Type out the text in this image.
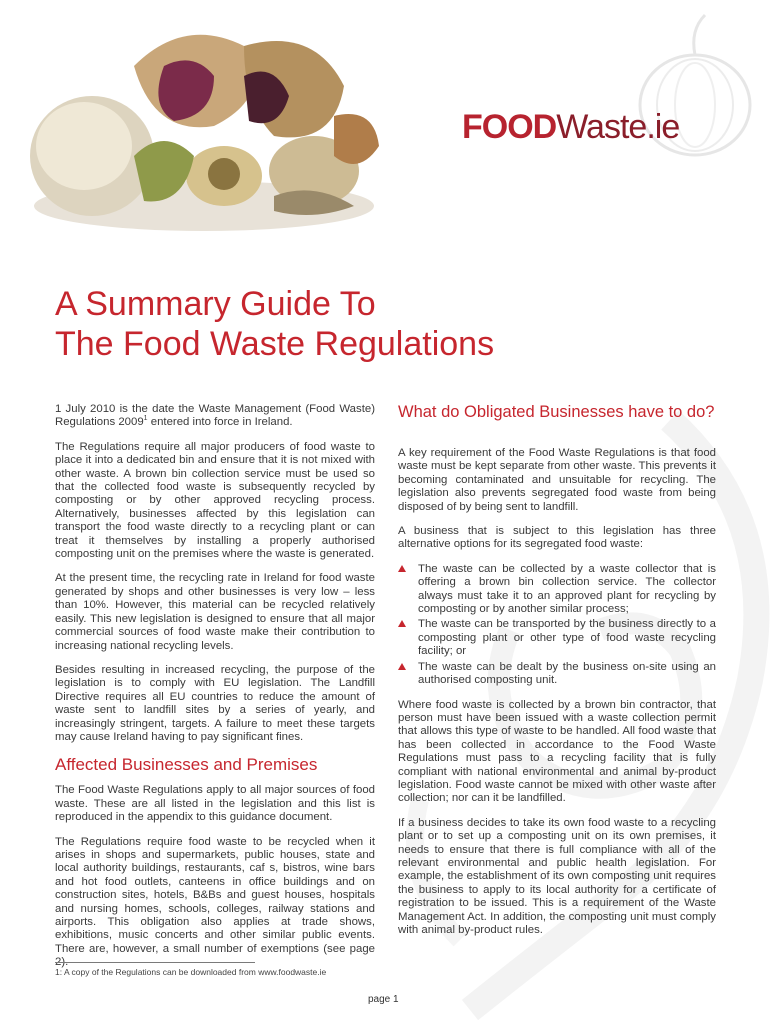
FOODWaste.ie
A Summary Guide To
The Food Waste Regulations

1 July 2010 is the date the Waste Management (Food Waste) Regulations 2009$^1$ entered into force in Ireland.

The Regulations require all major producers of food waste to place it into a dedicated bin and ensure that it is not mixed with other waste. A brown bin collection service must be used so that the collected food waste is subsequently recycled by composting or by other approved recycling process. Alternatively, businesses affected by this legislation can transport the food waste directly to a recycling plant or can treat it themselves by installing a properly authorised composting unit on the premises where the waste is generated.

At the present time, the recycling rate in Ireland for food waste generated by shops and other businesses is very low – less than 10%. However, this material can be recycled relatively easily. This new legislation is designed to ensure that all major commercial sources of food waste make their contribution to increasing national recycling levels.

Besides resulting in increased recycling, the purpose of the legislation is to comply with EU legislation. The Landfill Directive requires all EU countries to reduce the amount of waste sent to landfill sites by a series of yearly, and increasingly stringent, targets. A failure to meet these targets may cause Ireland having to pay significant fines.

Affected Businesses and Premises

The Food Waste Regulations apply to all major sources of food waste. These are all listed in the legislation and this list is reproduced in the appendix to this guidance document.

The Regulations require food waste to be recycled when it arises in shops and supermarkets, public houses, state and local authority buildings, restaurants, caf s, bistros, wine bars and hot food outlets, canteens in office buildings and on construction sites, hotels, B&Bs and guest houses, hospitals and nursing homes, schools, colleges, railway stations and airports. This obligation also applies at trade shows, exhibitions, music concerts and other similar public events. There are, however, a small number of exemptions (see page 2).

What do Obligated Businesses have to do?

A key requirement of the Food Waste Regulations is that food waste must be kept separate from other waste. This prevents it becoming contaminated and unsuitable for recycling. The legislation also prevents segregated food waste from being disposed of by being sent to landfill.

A business that is subject to this legislation has three alternative options for its segregated food waste:

The waste can be collected by a waste collector that is offering a brown bin collection service. The collector always must take it to an approved plant for recycling by composting or by another similar process;
The waste can be transported by the business directly to a composting plant or other type of food waste recycling facility; or
The waste can be dealt by the business on-site using an authorised composting unit.

Where food waste is collected by a brown bin contractor, that person must have been issued with a waste collection permit that allows this type of waste to be handled. All food waste that has been collected in accordance to the Food Waste Regulations must pass to a recycling facility that is fully compliant with national environmental and animal by-product legislation. Food waste cannot be mixed with other waste after collection; nor can it be landfilled.

If a business decides to take its own food waste to a recycling plant or to set up a composting unit on its own premises, it needs to ensure that there is full compliance with all of the relevant environmental and public health legislation. For example, the establishment of its own composting unit requires the business to apply to its local authority for a certificate of registration to be issued. This is a requirement of the Waste Management Act. In addition, the composting unit must comply with animal by-product rules.

1: A copy of the Regulations can be downloaded from www.foodwaste.ie
page 1
